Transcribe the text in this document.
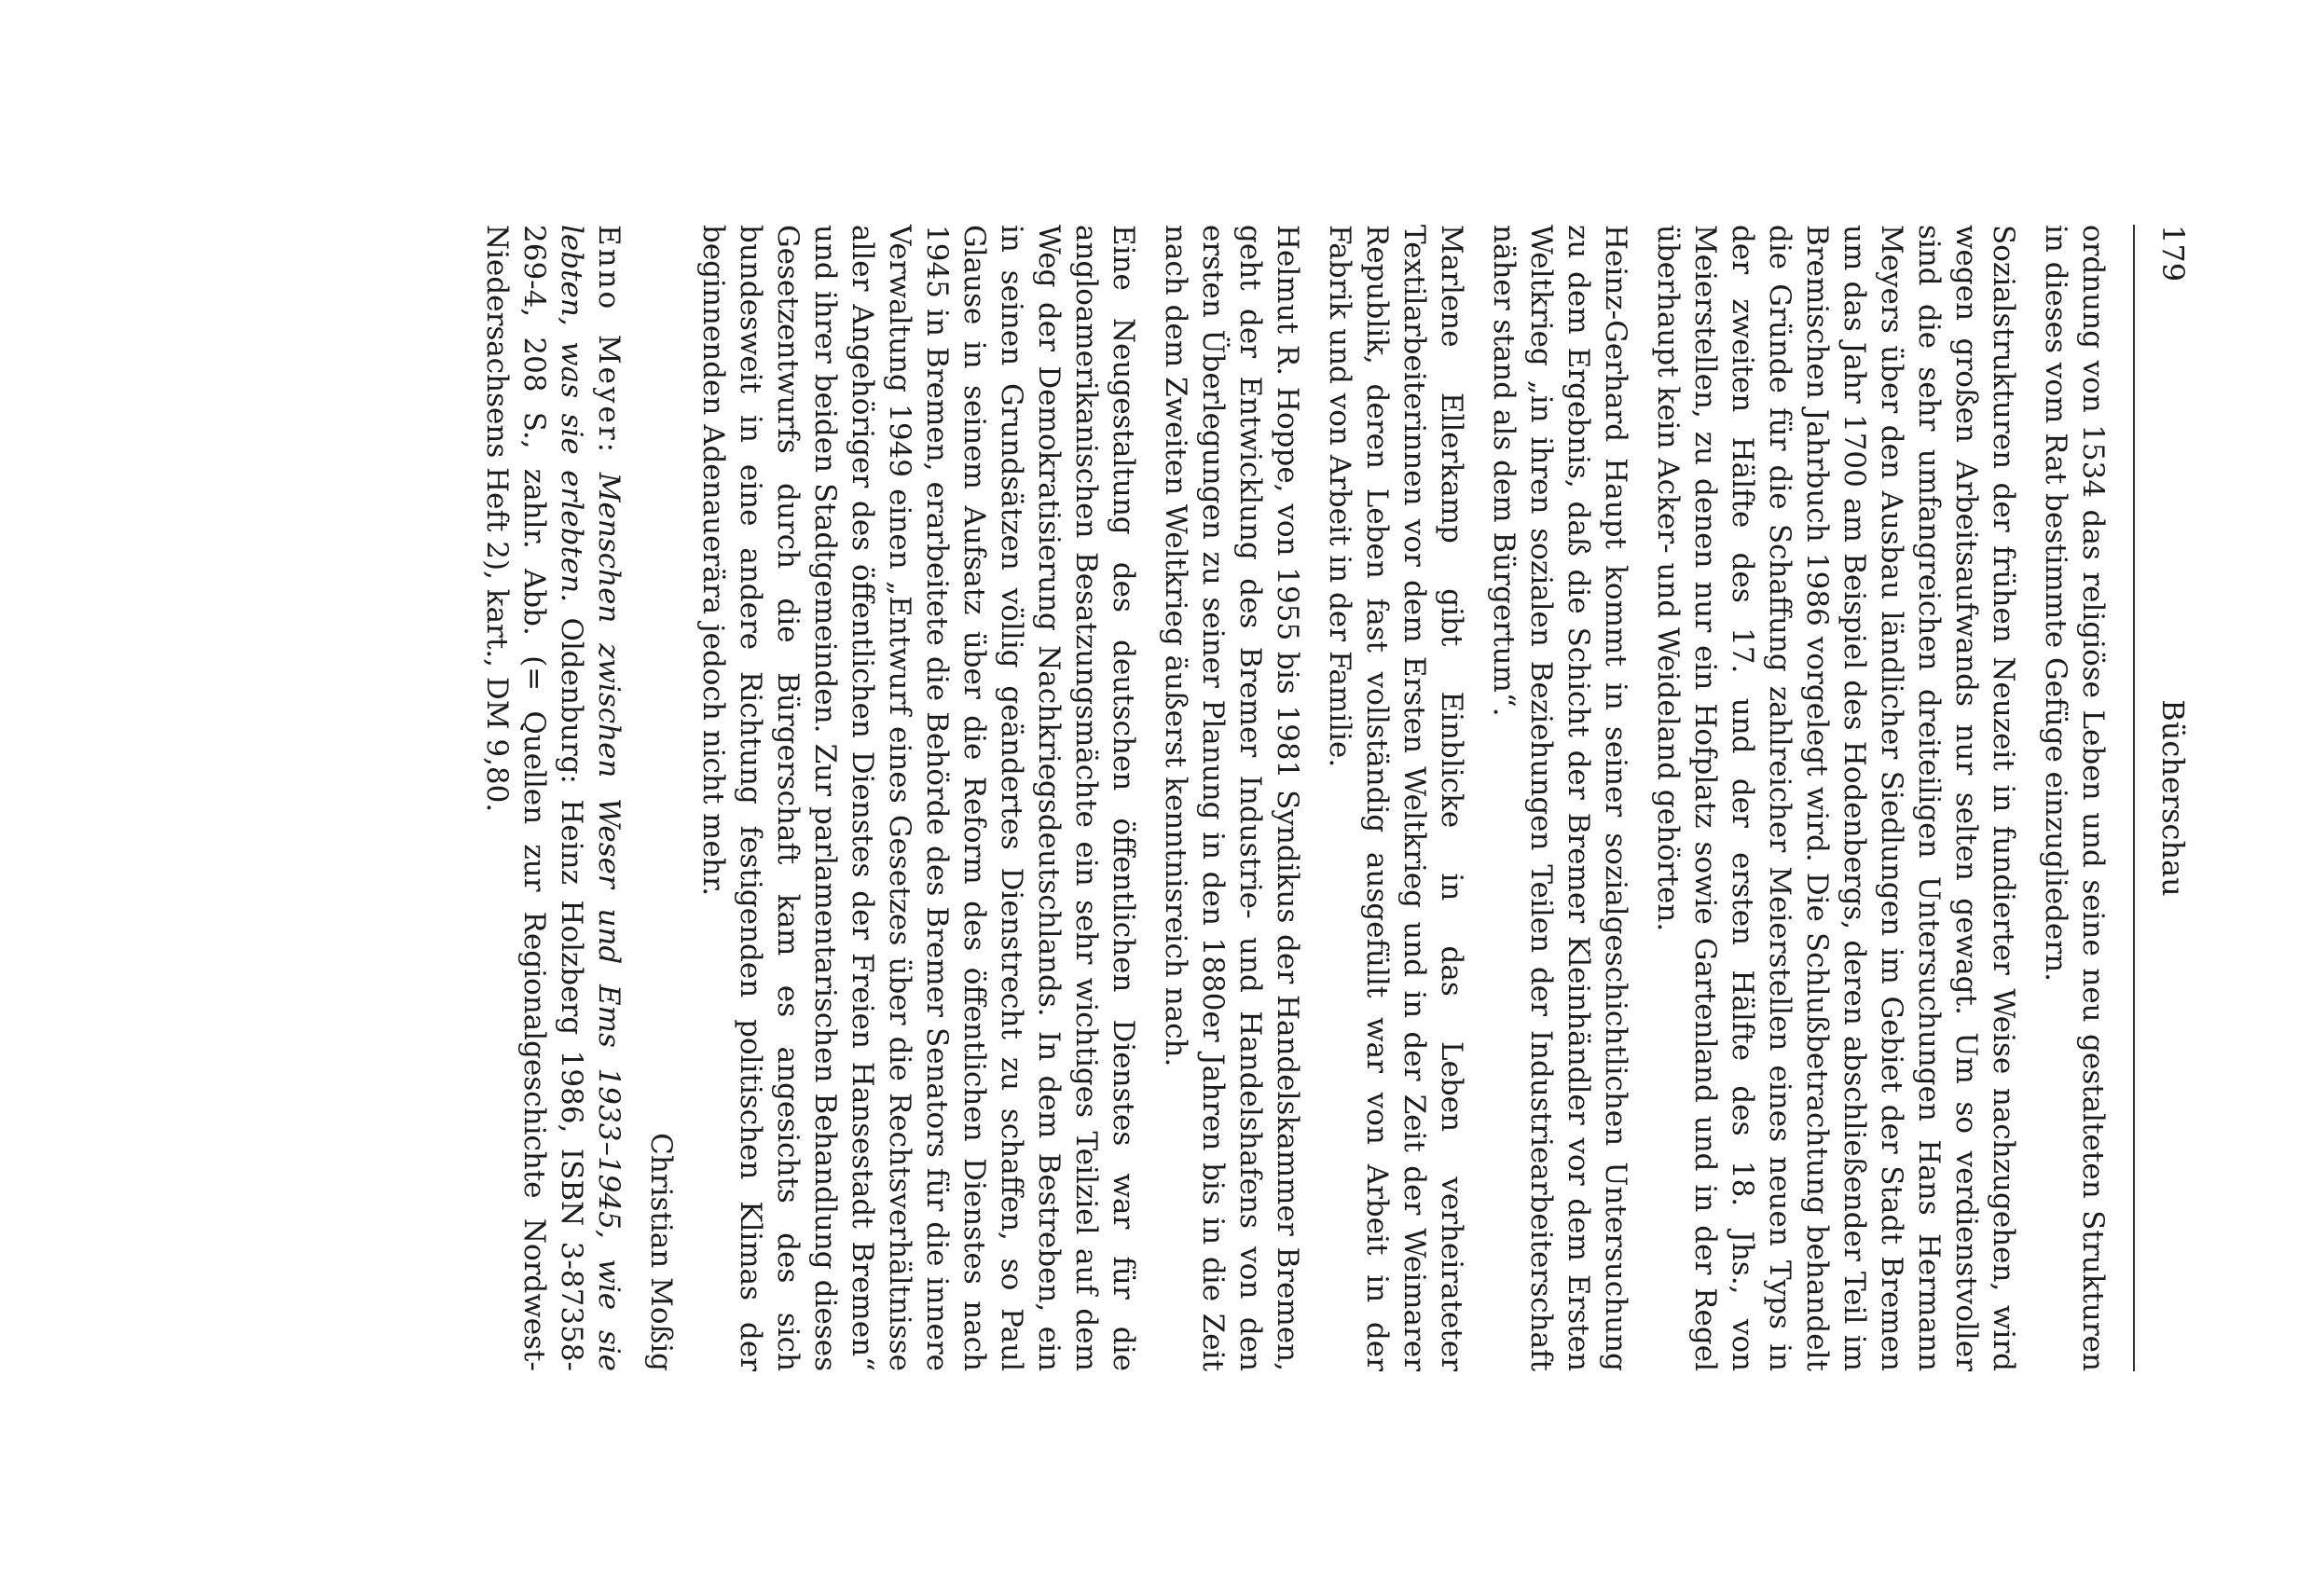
179
Bücherschau

ordnung von 1534 das religiöse Leben und seine neu gestalteten Strukturen in dieses vom Rat bestimmte Gefüge einzugliedern.

Sozialstrukturen der frühen Neuzeit in fundierter Weise nachzugehen, wird wegen großen Arbeitsaufwands nur selten gewagt. Um so verdienstvoller sind die sehr umfangreichen dreiteiligen Untersuchungen Hans Hermann Meyers über den Ausbau ländlicher Siedlungen im Gebiet der Stadt Bremen um das Jahr 1700 am Beispiel des Hodenbergs, deren abschließender Teil im Bremischen Jahrbuch 1986 vorgelegt wird. Die Schlußbetrachtung behandelt die Gründe für die Schaffung zahlreicher Meierstellen eines neuen Typs in der zweiten Hälfte des 17. und der ersten Hälfte des 18. Jhs., von Meierstellen, zu denen nur ein Hofplatz sowie Gartenland und in der Regel überhaupt kein Acker- und Weideland gehörten.

Heinz-Gerhard Haupt kommt in seiner sozialgeschichtlichen Untersuchung zu dem Ergebnis, daß die Schicht der Bremer Kleinhändler vor dem Ersten Weltkrieg „in ihren sozialen Beziehungen Teilen der Industriearbeiterschaft näher stand als dem Bürgertum“.

Marlene Ellerkamp gibt Einblicke in das Leben verheirateter Textilarbeiterinnen vor dem Ersten Weltkrieg und in der Zeit der Weimarer Republik, deren Leben fast vollständig ausgefüllt war von Arbeit in der Fabrik und von Arbeit in der Familie.

Helmut R. Hoppe, von 1955 bis 1981 Syndikus der Handelskammer Bremen, geht der Entwicklung des Bremer Industrie- und Handelshafens von den ersten Überlegungen zu seiner Planung in den 1880er Jahren bis in die Zeit nach dem Zweiten Weltkrieg äußerst kenntnisreich nach.

Eine Neugestaltung des deutschen öffentlichen Dienstes war für die angloamerikanischen Besatzungsmächte ein sehr wichtiges Teilziel auf dem Weg der Demokratisierung Nachkriegsdeutschlands. In dem Bestreben, ein in seinen Grundsätzen völlig geändertes Dienstrecht zu schaffen, so Paul Glause in seinem Aufsatz über die Reform des öffentlichen Dienstes nach 1945 in Bremen, erarbeitete die Behörde des Bremer Senators für die innere Verwaltung 1949 einen „Entwurf eines Gesetzes über die Rechtsverhältnisse aller Angehöriger des öffentlichen Dienstes der Freien Hansestadt Bremen“ und ihrer beiden Stadtgemeinden. Zur parlamentarischen Behandlung dieses Gesetzentwurfs durch die Bürgerschaft kam es angesichts des sich bundesweit in eine andere Richtung festigenden politischen Klimas der beginnenden Adenauerära jedoch nicht mehr.

Christian Moßig

Enno Meyer: Menschen zwischen Weser und Ems 1933–1945, wie sie lebten, was sie erlebten. Oldenburg: Heinz Holzberg 1986, ISBN 3-87358-269-4, 208 S., zahlr. Abb. (= Quellen zur Regionalgeschichte Nordwest-Niedersachsens Heft 2), kart., DM 9,80.
